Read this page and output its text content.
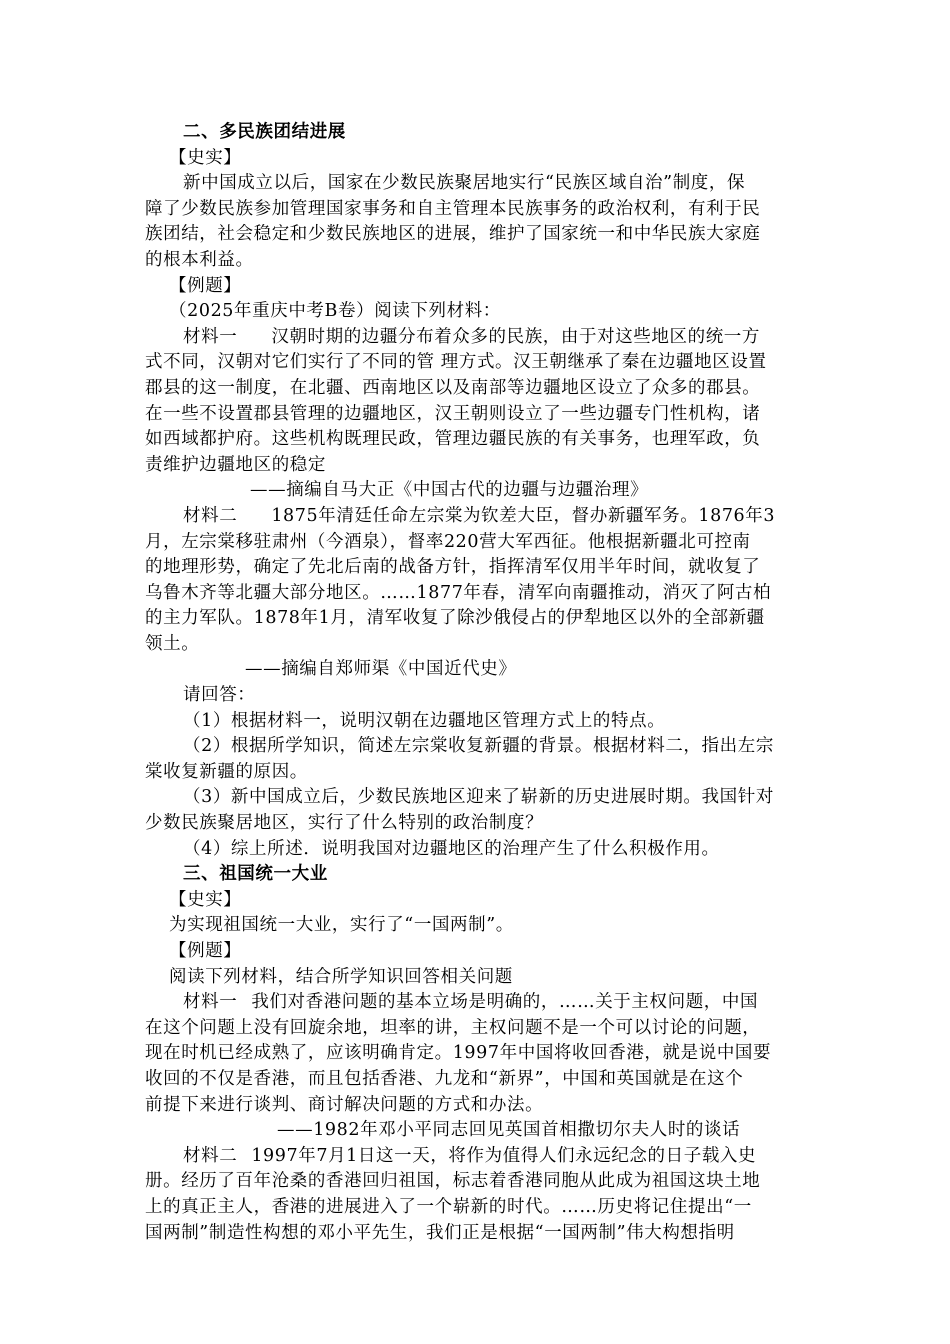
二、多民族团结进展
【史实】
新中国成立以后，国家在少数民族聚居地实行“民族区域自治”制度，保
障了少数民族参加管理国家事务和自主管理本民族事务的政治权利，有利于民
族团结，社会稳定和少数民族地区的进展，维护了国家统一和中华民族大家庭
的根本利益。
【例题】
（2025年重庆中考B卷）阅读下列材料：
材料一 汉朝时期的边疆分布着众多的民族，由于对这些地区的统一方
式不同，汉朝对它们实行了不同的管 理方式。汉王朝继承了秦在边疆地区设置
郡县的这一制度，在北疆、西南地区以及南部等边疆地区设立了众多的郡县。
在一些不设置郡县管理的边疆地区，汉王朝则设立了一些边疆专门性机构，诸
如西域都护府。这些机构既理民政，管理边疆民族的有关事务，也理军政，负
责维护边疆地区的稳定
——摘编自马大正《中国古代的边疆与边疆治理》
材料二 1875年清廷任命左宗棠为钦差大臣，督办新疆军务。1876年3
月，左宗棠移驻肃州（今酒泉），督率220营大军西征。他根据新疆北可控南
的地理形势，确定了先北后南的战备方针，指挥清军仅用半年时间，就收复了
乌鲁木齐等北疆大部分地区。……1877年春，清军向南疆推动，消灭了阿古柏
的主力军队。1878年1月，清军收复了除沙俄侵占的伊犁地区以外的全部新疆
领土。
——摘编自郑师渠《中国近代史》
请回答：
（1）根据材料一，说明汉朝在边疆地区管理方式上的特点。
（2）根据所学知识，简述左宗棠收复新疆的背景。根据材料二，指出左宗
棠收复新疆的原因。
（3）新中国成立后，少数民族地区迎来了崭新的历史进展时期。我国针对
少数民族聚居地区，实行了什么特别的政治制度？
（4）综上所述．说明我国对边疆地区的治理产生了什么积极作用。
三、祖国统一大业
【史实】
为实现祖国统一大业，实行了“一国两制”。
【例题】
阅读下列材料，结合所学知识回答相关问题
材料一 我们对香港问题的基本立场是明确的，……关于主权问题，中国
在这个问题上没有回旋余地，坦率的讲，主权问题不是一个可以讨论的问题，
现在时机已经成熟了，应该明确肯定。1997年中国将收回香港，就是说中国要
收回的不仅是香港，而且包括香港、九龙和“新界”，中国和英国就是在这个
前提下来进行谈判、商讨解决问题的方式和办法。
——1982年邓小平同志回见英国首相撒切尔夫人时的谈话
材料二 1997年7月1日这一天，将作为值得人们永远纪念的日子载入史
册。经历了百年沧桑的香港回归祖国，标志着香港同胞从此成为祖国这块土地
上的真正主人，香港的进展进入了一个崭新的时代。……历史将记住提出“一
国两制”制造性构想的邓小平先生，我们正是根据“一国两制”伟大构想指明
